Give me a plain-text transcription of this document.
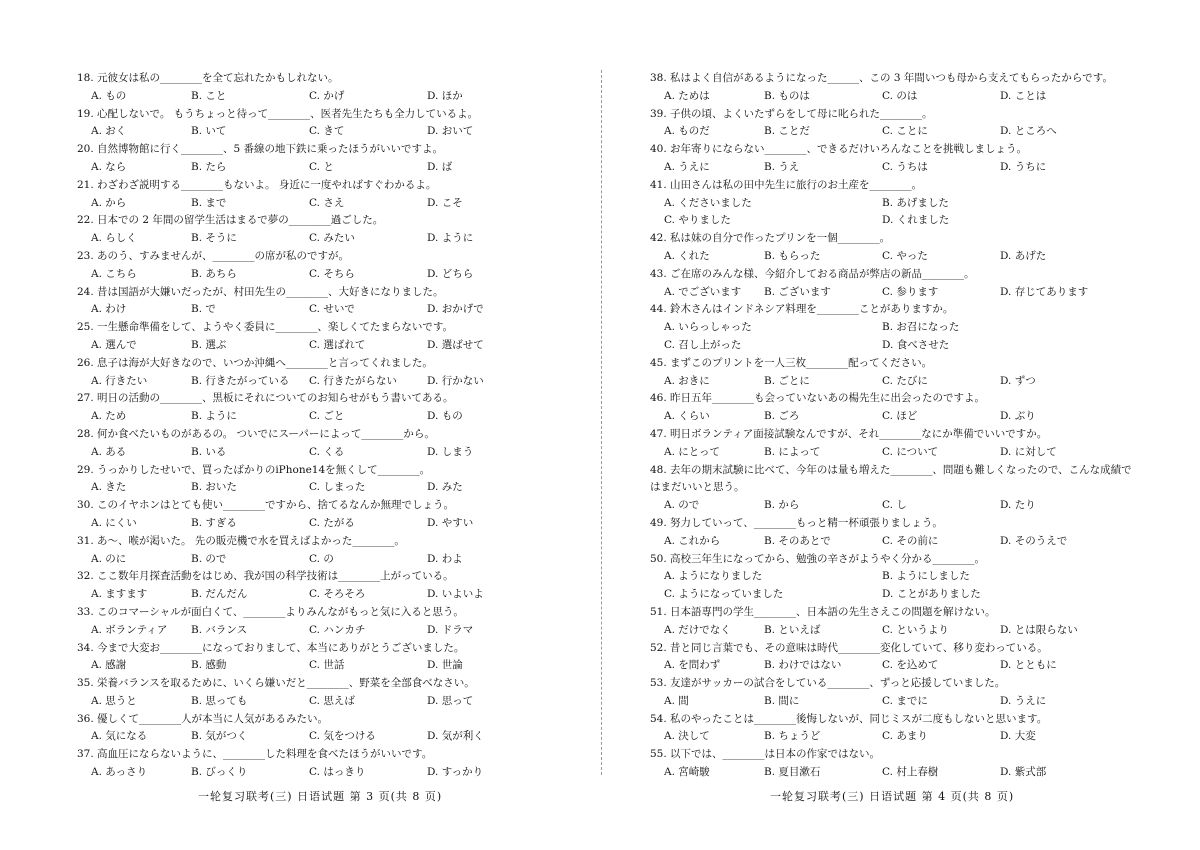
18. 元彼女は私の________を全て忘れたかもしれない。
A. もの	B. こと	C. かげ	D. ほか
19. 心配しないで。 もうちょっと待って________、医者先生たちも全力しているよ。
A. おく	B. いて	C. きて	D. おいて
20. 自然博物館に行く________、5 番線の地下鉄に乗ったほうがいいですよ。
A. なら	B. たら	C. と	D. ば
21. わざわざ説明する________もないよ。 身近に一度やればすぐわかるよ。
A. から	B. まで	C. さえ	D. こそ
22. 日本での 2 年間の留学生活はまるで夢の________過ごした。
A. らしく	B. そうに	C. みたい	D. ように
23. あのう、すみませんが、________の席が私のですが。
A. こちら	B. あちら	C. そちら	D. どちら
24. 昔は国語が大嫌いだったが、村田先生の________、大好きになりました。
A. わけ	B. で	C. せいで	D. おかげで
25. 一生懸命準備をして、ようやく委員に________、楽しくてたまらないです。
A. 選んで	B. 選ぶ	C. 選ばれて	D. 選ばせて
26. 息子は海が大好きなので、いつか沖縄へ________と言ってくれました。
A. 行きたい	B. 行きたがっている	C. 行きたがらない	D. 行かない
27. 明日の活動の________、黒板にそれについてのお知らせがもう書いてある。
A. ため	B. ように	C. ごと	D. もの
28. 何か食べたいものがあるの。 ついでにスーパーによって________から。
A. ある	B. いる	C. くる	D. しまう
29. うっかりしたせいで、買ったばかりのiPhone14を無くして________。
A. きた	B. おいた	C. しまった	D. みた
30. このイヤホンはとても使い________ですから、捨てるなんか無理でしょう。
A. にくい	B. すぎる	C. たがる	D. やすい
31. あ～、喉が渇いた。 先の販売機で水を買えばよかった________。
A. のに	B. ので	C. の	D. わよ
32. ここ数年月探査活動をはじめ、我が国の科学技術は________上がっている。
A. ますます	B. だんだん	C. そろそろ	D. いよいよ
33. このコマーシャルが面白くて、________よりみんながもっと気に入ると思う。
A. ボランティア	B. バランス	C. ハンカチ	D. ドラマ
34. 今まで大変お________になっておりまして、本当にありがとうございました。
A. 感謝	B. 感動	C. 世話	D. 世論
35. 栄養バランスを取るために、いくら嫌いだと________、野菜を全部食べなさい。
A. 思うと	B. 思っても	C. 思えば	D. 思って
36. 優しくて________人が本当に人気があるみたい。
A. 気になる	B. 気がつく	C. 気をつける	D. 気が利く
37. 高血圧にならないように、________した料理を食べたほうがいいです。
A. あっさり	B. びっくり	C. はっきり	D. すっかり
38. 私はよく自信があるようになった______、この 3 年間いつも母から支えてもらったからです。
A. ためは	B. ものは	C. のは	D. ことは
39. 子供の頃、よくいたずらをして母に叱られた________。
A. ものだ	B. ことだ	C. ことに	D. ところへ
40. お年寄りにならない________、できるだけいろんなことを挑戦しましょう。
A. うえに	B. うえ	C. うちは	D. うちに
41. 山田さんは私の田中先生に旅行のお土産を________。
A. くださいました	B. あげました
C. やりました	D. くれました
42. 私は妹の自分で作ったプリンを一個________。
A. くれた	B. もらった	C. やった	D. あげた
43. ご在席のみんな様、今紹介しておる商品が弊店の新品________。
A. でございます	B. ございます	C. 参ります	D. 存じてあります
44. 鈴木さんはインドネシア料理を________ことがありますか。
A. いらっしゃった	B. お召になった
C. 召し上がった	D. 食べさせた
45. まずこのプリントを一人三枚________配ってください。
A. おきに	B. ごとに	C. たびに	D. ずつ
46. 昨日五年________も会っていないあの楊先生に出会ったのですよ。
A. くらい	B. ごろ	C. ほど	D. ぶり
47. 明日ボランティア面接試験なんですが、それ________なにか準備でいいですか。
A. にとって	B. によって	C. について	D. に対して
48. 去年の期末試験に比べて、今年のは量も増えた________、問題も難しくなったので、こんな成績ではまだいいと思う。
A. ので	B. から	C. し	D. たり
49. 努力していって、________もっと精一杯頑張りましょう。
A. これから	B. そのあとで	C. その前に	D. そのうえで
50. 高校三年生になってから、勉強の辛さがようやく分かる________。
A. ようになりました	B. ようにしました
C. ようになっていました	D. ことがありました
51. 日本語専門の学生________、日本語の先生さえこの問題を解けない。
A. だけでなく	B. といえば	C. というより	D. とは限らない
52. 昔と同じ言葉でも、その意味は時代________変化していて、移り変わっている。
A. を問わず	B. わけではない	C. を込めて	D. とともに
53. 友達がサッカーの試合をしている________、ずっと応援していました。
A. 間	B. 間に	C. までに	D. うえに
54. 私のやったことは________後悔しないが、同じミスが二度もしないと思います。
A. 決して	B. ちょうど	C. あまり	D. 大変
55. 以下では、________は日本の作家ではない。
A. 宮崎駿	B. 夏目漱石	C. 村上春樹	D. 紫式部
一轮复习联考(三) 日语试题 第 3 页(共 8 页)	一轮复习联考(三) 日语试题 第 4 页(共 8 页)
